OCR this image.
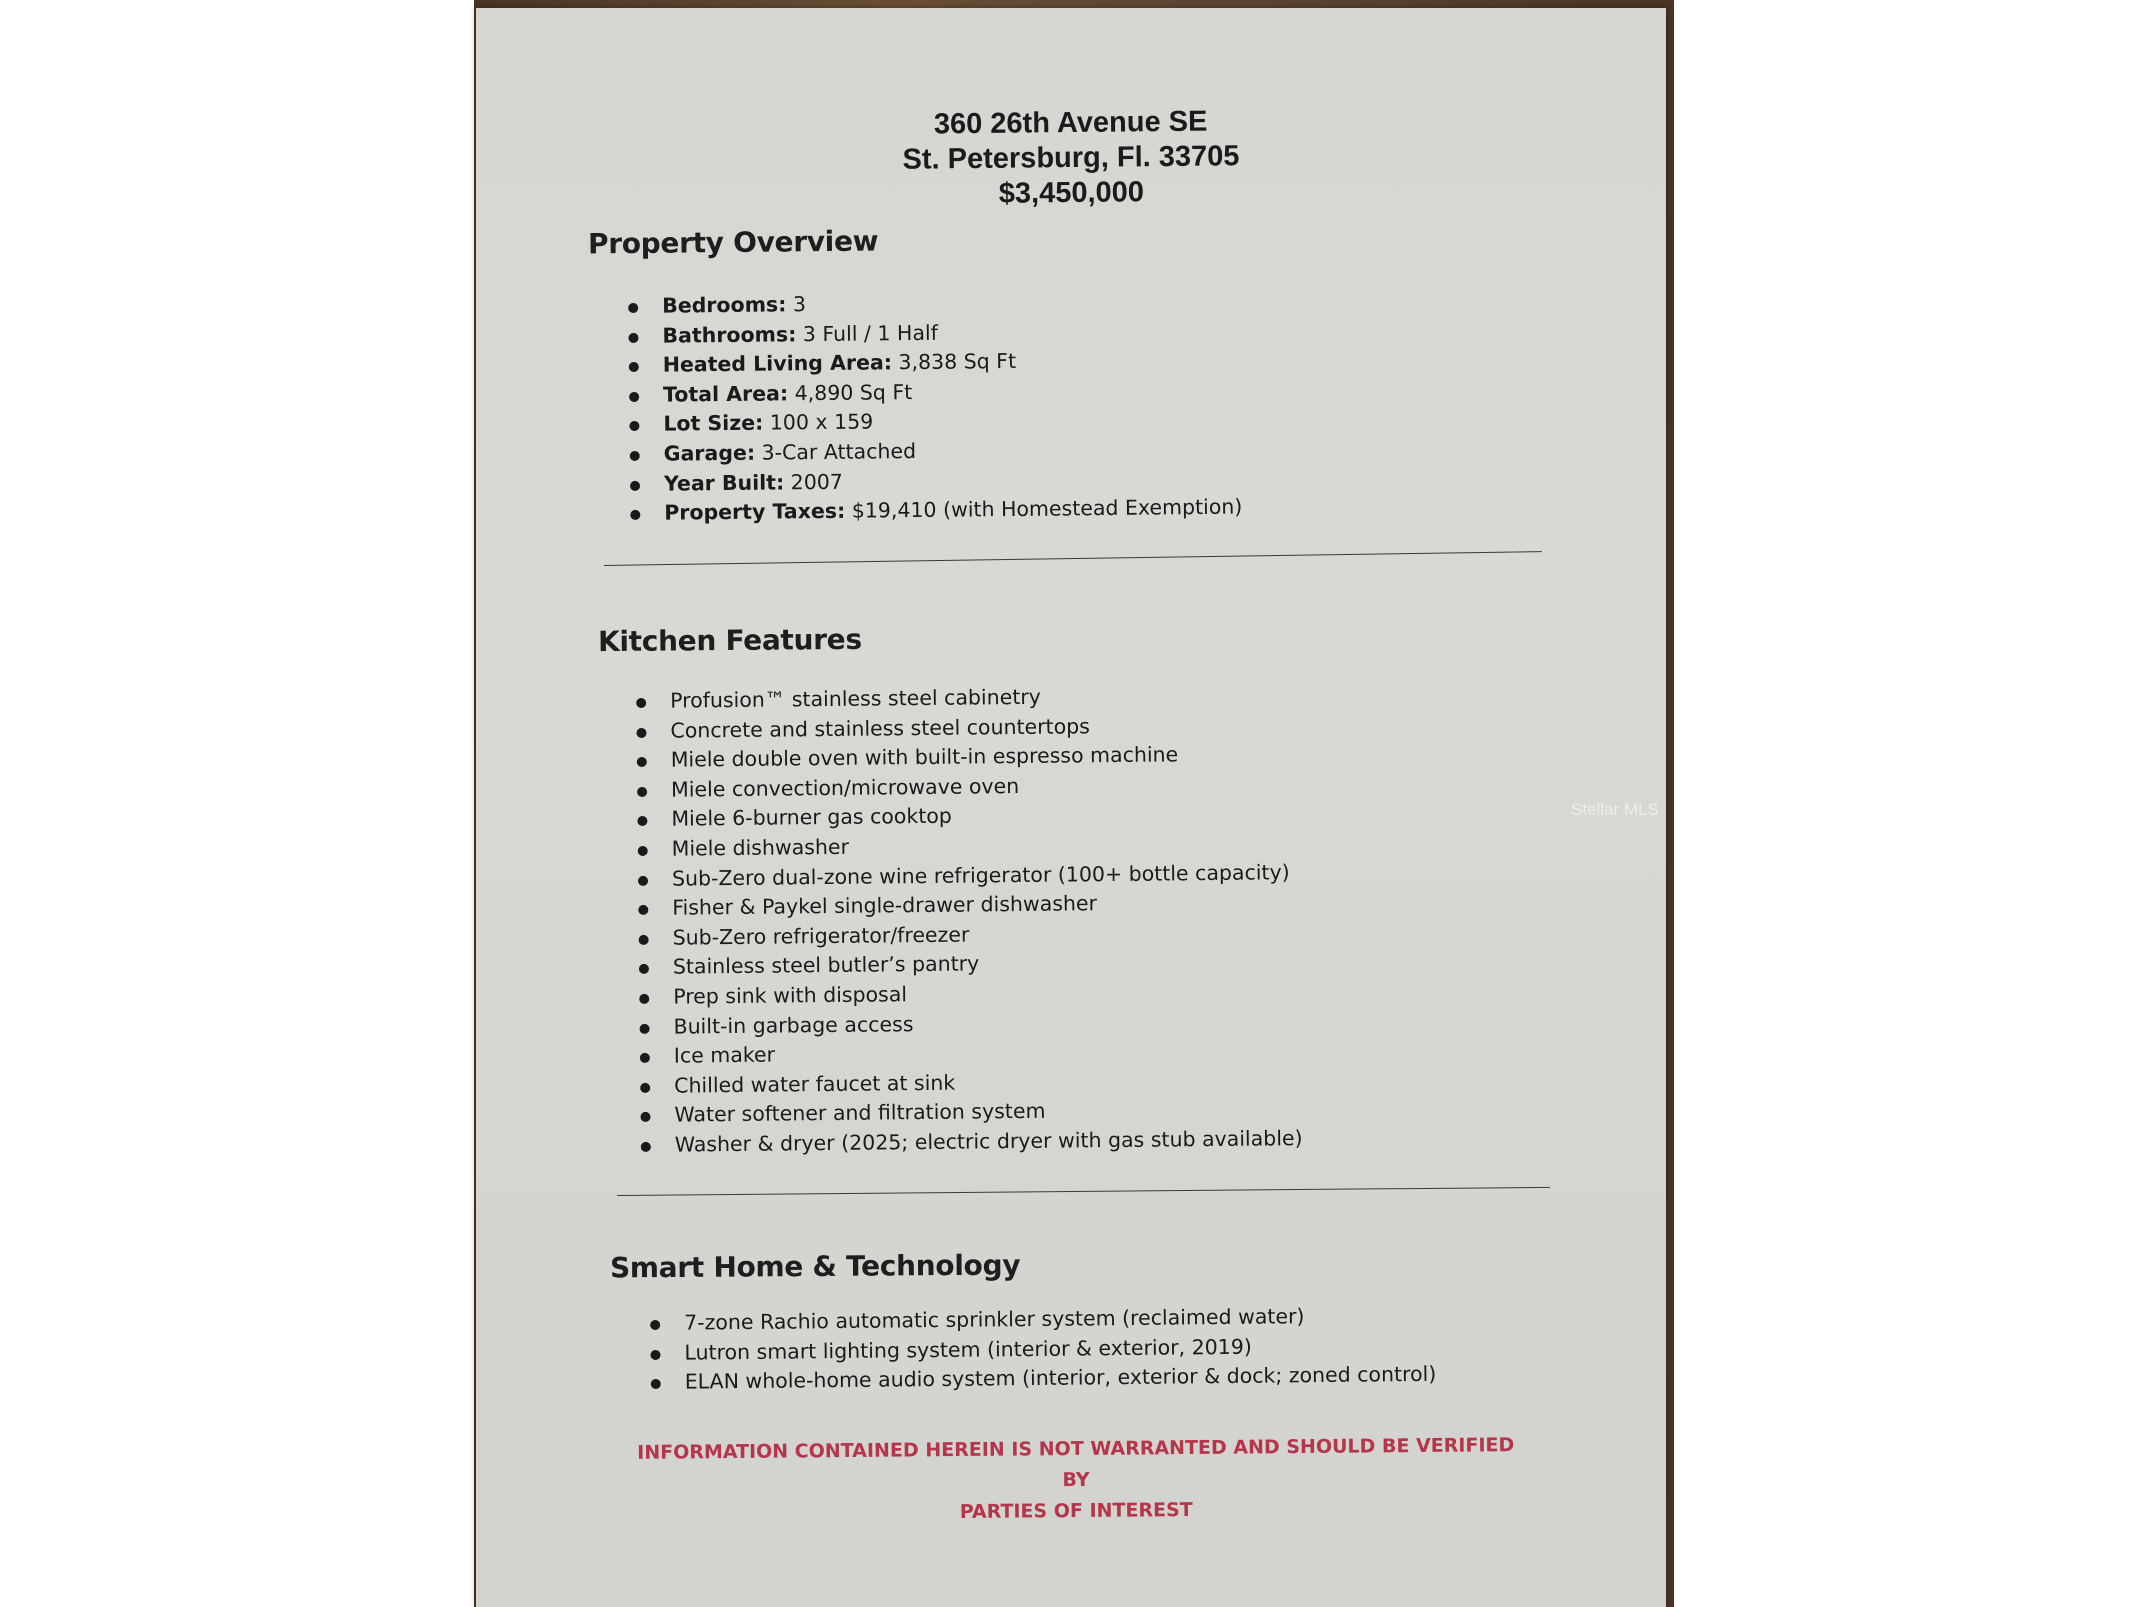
360 26th Avenue SE
St. Petersburg, Fl. 33705
$3,450,000
Property Overview
Bedrooms: 3
Bathrooms: 3 Full / 1 Half
Heated Living Area: 3,838 Sq Ft
Total Area: 4,890 Sq Ft
Lot Size: 100 x 159
Garage: 3-Car Attached
Year Built: 2007
Property Taxes: $19,410 (with Homestead Exemption)
Kitchen Features
Profusion™ stainless steel cabinetry
Concrete and stainless steel countertops
Miele double oven with built-in espresso machine
Miele convection/microwave oven
Miele 6-burner gas cooktop
Miele dishwasher
Sub-Zero dual-zone wine refrigerator (100+ bottle capacity)
Fisher & Paykel single-drawer dishwasher
Sub-Zero refrigerator/freezer
Stainless steel butler’s pantry
Prep sink with disposal
Built-in garbage access
Ice maker
Chilled water faucet at sink
Water softener and filtration system
Washer & dryer (2025; electric dryer with gas stub available)
Smart Home & Technology
7-zone Rachio automatic sprinkler system (reclaimed water)
Lutron smart lighting system (interior & exterior, 2019)
ELAN whole-home audio system (interior, exterior & dock; zoned control)
INFORMATION CONTAINED HEREIN IS NOT WARRANTED AND SHOULD BE VERIFIED BY
PARTIES OF INTEREST
Stellar MLS
